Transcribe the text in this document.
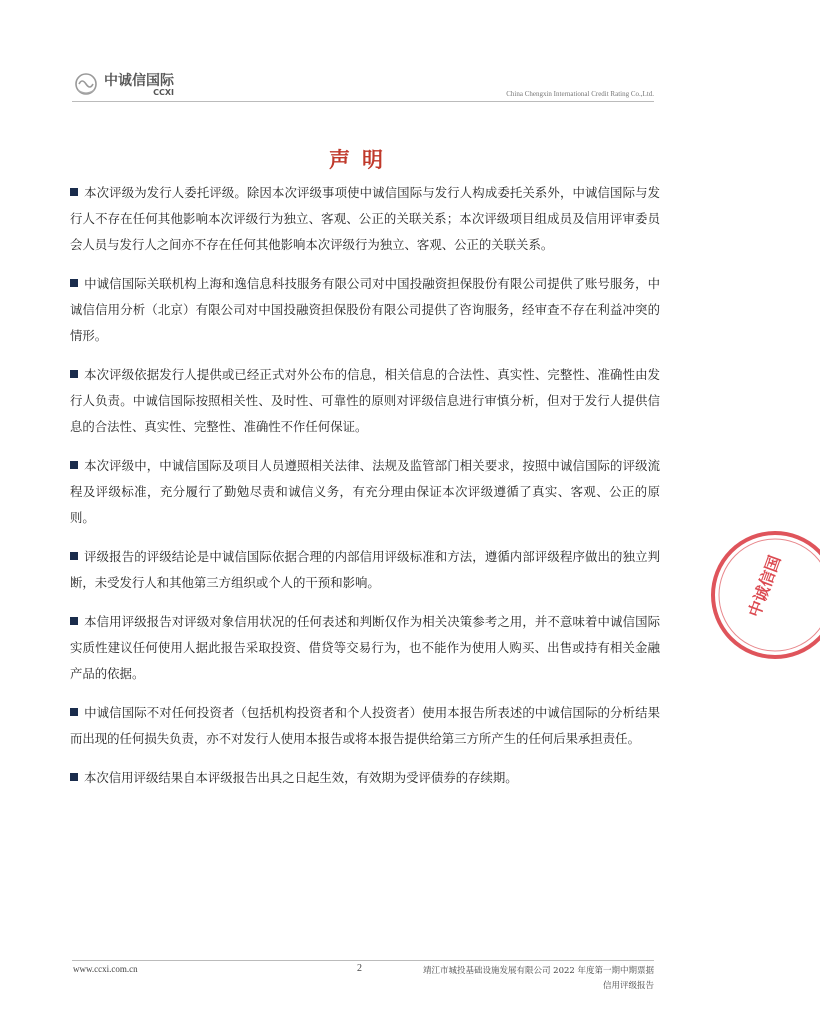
中诚信国际
CCXI	China Chengxin International Credit Rating Co.,Ltd.
声明

本次评级为发行人委托评级。除因本次评级事项使中诚信国际与发行人构成委托关系外，中诚信国际与发行人不存在任何其他影响本次评级行为独立、客观、公正的关联关系；本次评级项目组成员及信用评审委员会人员与发行人之间亦不存在任何其他影响本次评级行为独立、客观、公正的关联关系。

中诚信国际关联机构上海和逸信息科技服务有限公司对中国投融资担保股份有限公司提供了账号服务，中诚信信用分析（北京）有限公司对中国投融资担保股份有限公司提供了咨询服务，经审查不存在利益冲突的情形。

本次评级依据发行人提供或已经正式对外公布的信息，相关信息的合法性、真实性、完整性、准确性由发行人负责。中诚信国际按照相关性、及时性、可靠性的原则对评级信息进行审慎分析，但对于发行人提供信息的合法性、真实性、完整性、准确性不作任何保证。

本次评级中，中诚信国际及项目人员遵照相关法律、法规及监管部门相关要求，按照中诚信国际的评级流程及评级标准，充分履行了勤勉尽责和诚信义务，有充分理由保证本次评级遵循了真实、客观、公正的原则。

评级报告的评级结论是中诚信国际依据合理的内部信用评级标准和方法，遵循内部评级程序做出的独立判断，未受发行人和其他第三方组织或个人的干预和影响。

本信用评级报告对评级对象信用状况的任何表述和判断仅作为相关决策参考之用，并不意味着中诚信国际实质性建议任何使用人据此报告采取投资、借贷等交易行为，也不能作为使用人购买、出售或持有相关金融产品的依据。

中诚信国际不对任何投资者（包括机构投资者和个人投资者）使用本报告所表述的中诚信国际的分析结果而出现的任何损失负责，亦不对发行人使用本报告或将本报告提供给第三方所产生的任何后果承担责任。

本次信用评级结果自本评级报告出具之日起生效，有效期为受评债券的存续期。

中诚信国
www.ccxi.com.cn	2	靖江市城投基础设施发展有限公司 2022 年度第一期中期票据
信用评级报告
